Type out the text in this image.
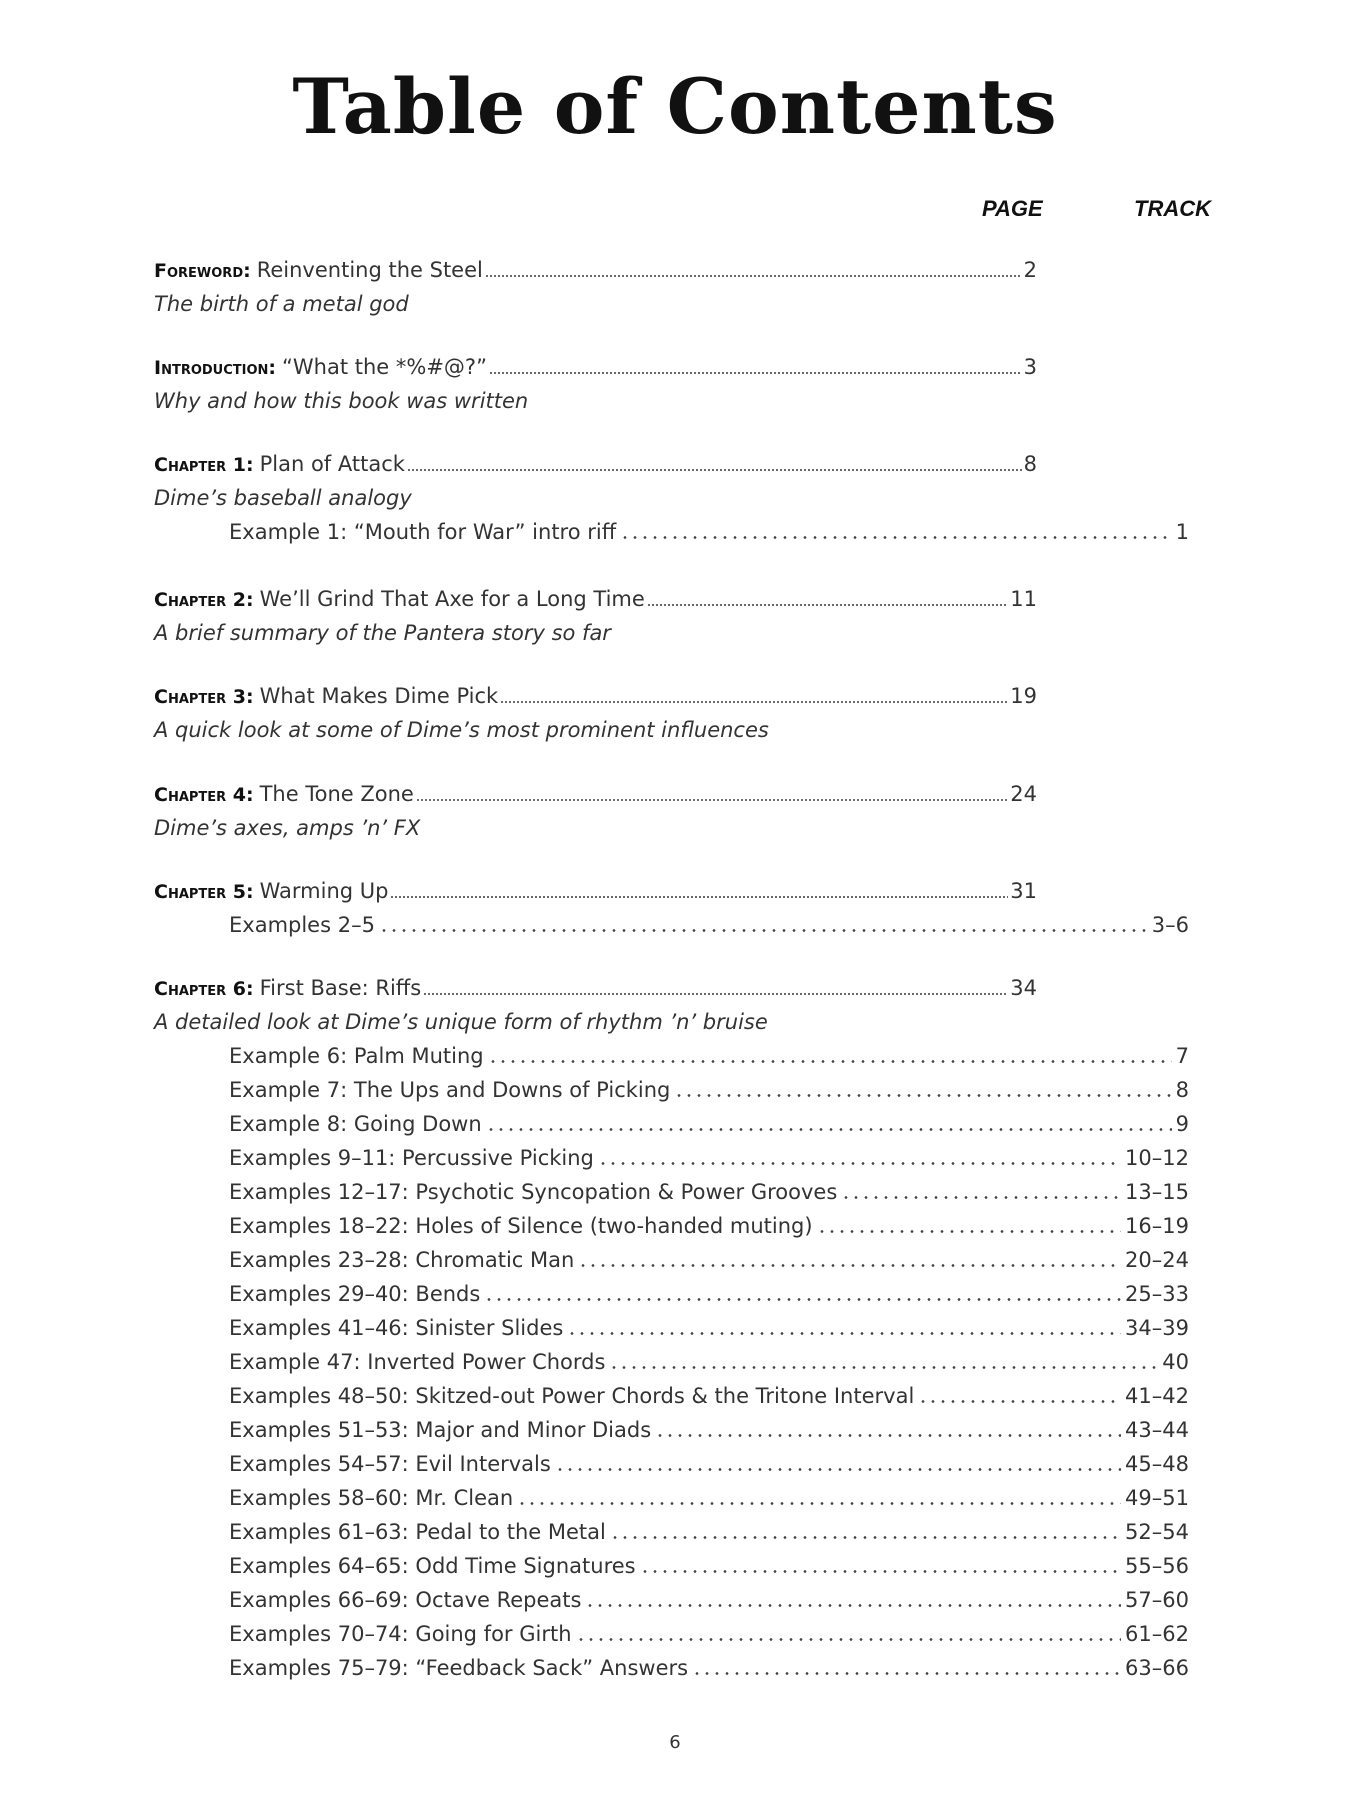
Table of Contents
PAGE	TRACK
Foreword: Reinventing the Steel	2
The birth of a metal god
Introduction: “What the *%#@?”	3
Why and how this book was written
Chapter 1: Plan of Attack	8
Dime’s baseball analogy
Example 1: “Mouth for War” intro riff	1
Chapter 2: We’ll Grind That Axe for a Long Time	11
A brief summary of the Pantera story so far
Chapter 3: What Makes Dime Pick	19
A quick look at some of Dime’s most prominent influences
Chapter 4: The Tone Zone	24
Dime’s axes, amps ’n’ FX
Chapter 5: Warming Up	31
Examples 2–5	3–6
Chapter 6: First Base: Riffs	34
A detailed look at Dime’s unique form of rhythm ’n’ bruise
Example 6: Palm Muting	7
Example 7: The Ups and Downs of Picking	8
Example 8: Going Down	9
Examples 9–11: Percussive Picking	10–12
Examples 12–17: Psychotic Syncopation & Power Grooves	13–15
Examples 18–22: Holes of Silence (two-handed muting)	16–19
Examples 23–28: Chromatic Man	20–24
Examples 29–40: Bends	25–33
Examples 41–46: Sinister Slides	34–39
Example 47: Inverted Power Chords	40
Examples 48–50: Skitzed-out Power Chords & the Tritone Interval	41–42
Examples 51–53: Major and Minor Diads	43–44
Examples 54–57: Evil Intervals	45–48
Examples 58–60: Mr. Clean	49–51
Examples 61–63: Pedal to the Metal	52–54
Examples 64–65: Odd Time Signatures	55–56
Examples 66–69: Octave Repeats	57–60
Examples 70–74: Going for Girth	61–62
Examples 75–79: “Feedback Sack” Answers	63–66
6
